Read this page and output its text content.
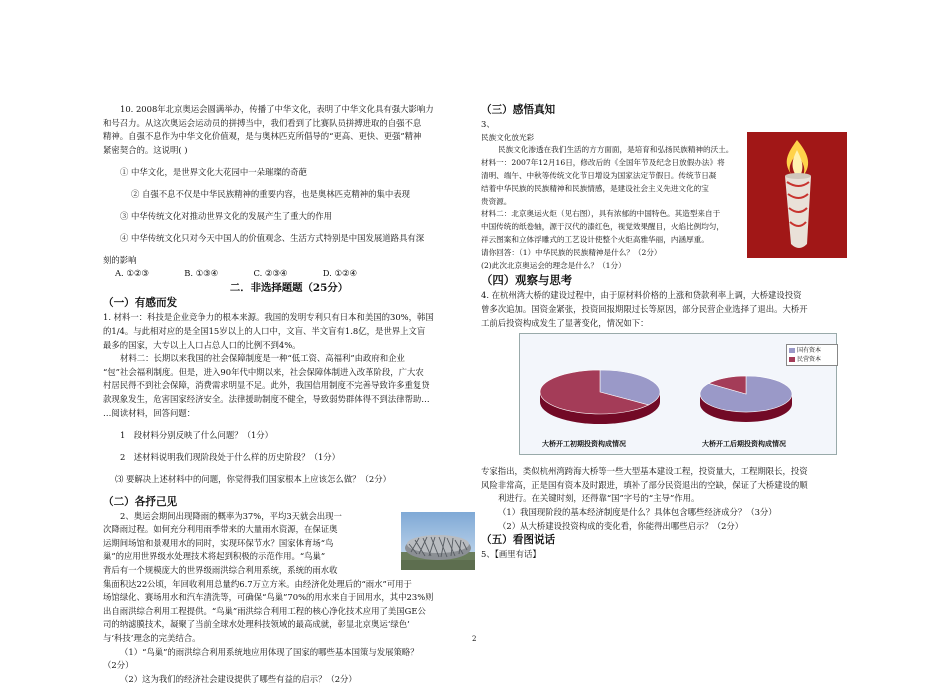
10. 2008年北京奥运会圆满举办，传播了中华文化，表明了中华文化具有强大影响力

和号召力。从这次奥运会运动员的拼搏当中，我们看到了比赛队员拼搏进取的自强不息

精神。自强不息作为中华文化价值观，是与奥林匹克所倡导的“更高、更快、更强”精神

紧密契合的。这说明( )

① 中华文化，是世界文化大花园中一朵璀璨的奇葩

② 自强不息不仅是中华民族精神的重要内容，也是奥林匹克精神的集中表现

③ 中华传统文化对推动世界文化的发展产生了重大的作用

④ 中华传统文化只对今天中国人的价值观念、生活方式特别是中国发展道路具有深

刻的影响

A. ①②③	B. ①③④	C. ②③④	D. ①②④
二．非选择题题（25分）
（一）有感而发

1. 材料一：科技是企业竞争力的根本来源。我国的发明专利只有日本和美国的30%，韩国

的1/4。与此相对应的是全国15岁以上的人口中，文盲、半文盲有1.8亿，是世界上文盲

最多的国家，大专以上人口占总人口的比例不到4%。

材料二：长期以来我国的社会保障制度是一种“低工资、高福利”由政府和企业

“包”社会福利制度。但是，进入90年代中期以来，社会保障体制进入改革阶段，广大农

村居民得不到社会保障，消费需求明显不足。此外，我国信用制度不完善导致许多重复贷

款现象发生，危害国家经济安全。法律援助制度不健全，导致弱势群体得不到法律帮助…

…阅读材料，回答问题：

1　段材料分别反映了什么问题？（1分）

2　述材料说明我们现阶段处于什么样的历史阶段？（1分）

⑶ 要解决上述材料中的问题，你觉得我们国家根本上应该怎么做？（2分）

（二）各抒己见

2、奥运会期间出现降雨的概率为37%，平均3天就会出现一

次降雨过程。如何充分利用雨季带来的大量雨水资源，在保证奥

运期间场馆和景观用水的同时，实现环保节水？国家体育场“鸟

巢”的应用世界级水处理技术将起到积极的示范作用。“鸟巢”

背后有一个规模庞大的世界级雨洪综合利用系统，系统的雨水收

集面积达22公顷，年回收利用总量约6.7万立方米。由经济化处理后的“雨水”可用于

场馆绿化、赛场用水和汽车清洗等，可确保“鸟巢”70%的用水来自于回用水，其中23%则

出自雨洪综合利用工程提供。“鸟巢”雨洪综合利用工程的核心净化技术应用了美国GE公

司的纳滤膜技术，凝聚了当前全球水处理科技领域的最高成就，彰显北京奥运‘绿色’

与‘科技’理念的完美结合。

（1）“鸟巢”的雨洪综合利用系统地应用体现了国家的哪些基本国策与发展策略？

（2分）

（2）这为我们的经济社会建设提供了哪些有益的启示？（2分）

（三）感悟真知

3、

民族文化放光彩

民族文化渗透在我们生活的方方面面，是培育和弘扬民族精神的沃土。

材料一：2007年12月16日，修改后的《全国年节及纪念日放假办法》将

清明、端午、中秋等传统文化节日增设为国家法定节假日。传统节日凝

结着中华民族的民族精神和民族情感，是建设社会主义先进文化的宝

贵资源。

材料二：北京奥运火炬（见右图），具有浓郁的中国特色。其造型来自于

中国传统的纸卷轴，源于汉代的漆红色，视觉效果醒目，火焰比例均匀，

祥云图案和立体浮雕式的工艺设计使整个火炬高雅华丽，内涵厚重。

请你回答：（1）中华民族的民族精神是什么？（2分）

(2)此次北京奥运会的理念是什么？（1分）

（四）观察与思考

4. 在杭州湾大桥的建设过程中，由于原材料价格的上涨和贷款利率上调，大桥建设投资

曾多次追加。国资金紧张，投资回报期限过长等原因，部分民营企业选择了退出。大桥开

工前后投资构成发生了显著变化，情况如下：

大桥开工初期投资构成情况	大桥开工后期投资构成情况
国有资本
民营资本

专家指出，类似杭州湾跨海大桥等一些大型基本建设工程，投资量大，工程期限长，投资

风险非常高，正是国有资本及时跟进，填补了部分民资退出的空缺，保证了大桥建设的顺

利进行。在关键时刻，还得靠“国”字号的“主导”作用。

（1）我国现阶段的基本经济制度是什么？具体包含哪些经济成分？（3分）

（2）从大桥建设投资构成的变化看，你能得出哪些启示？（2分）

（五）看图说话

5、【画里有话】

2
